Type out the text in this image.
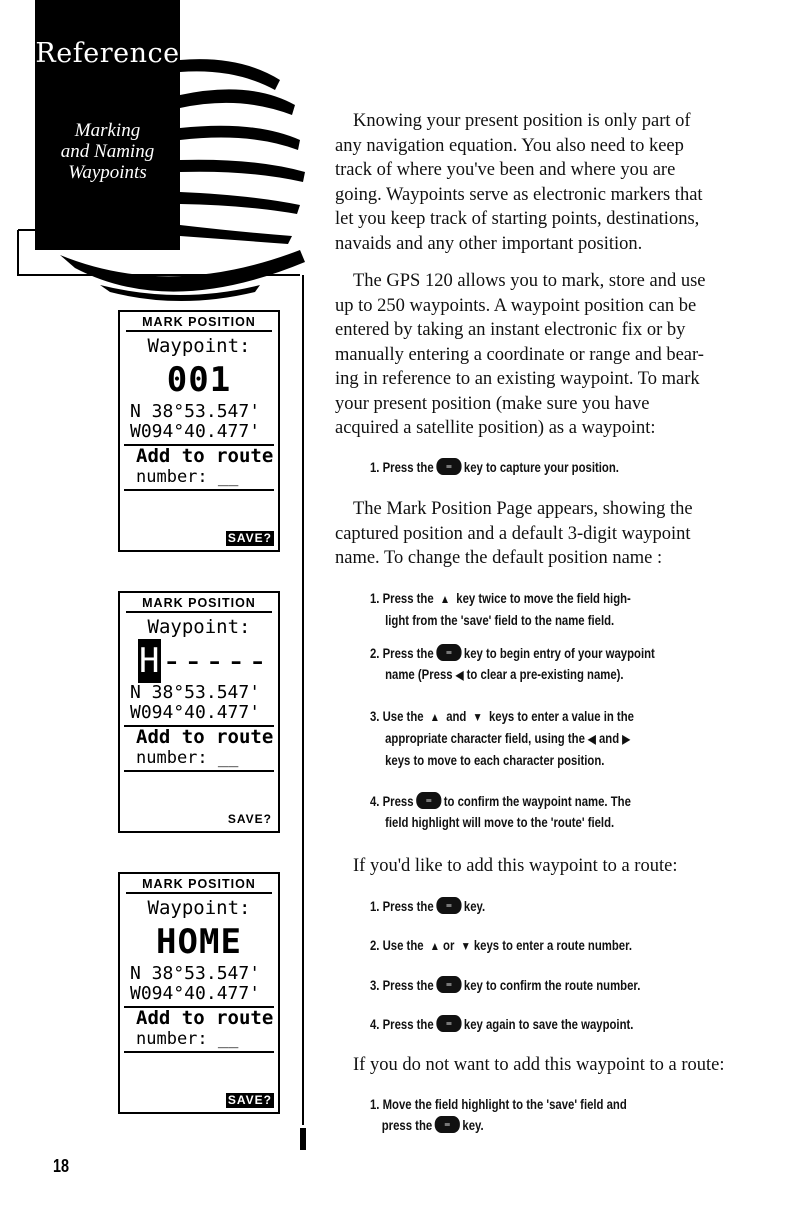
Reference
Marking
and Naming
Waypoints
MARK POSITION
Waypoint:
001
N 38°53.547'
W094°40.477'
Add to route
number: __
SAVE?
MARK POSITION
Waypoint:
H-----
N 38°53.547'
W094°40.477'
Add to route
number: __
SAVE?
MARK POSITION
Waypoint:
HOME
N 38°53.547'
W094°40.477'
Add to route
number: __
SAVE?
Knowing your present position is only part of
any navigation equation. You also need to keep
track of where you've been and where you are
going. Waypoints serve as electronic markers that
let you keep track of starting points, destinations,
navaids and any other important position.
The GPS 120 allows you to mark, store and use
up to 250 waypoints. A waypoint position can be
entered by taking an instant electronic fix or by
manually entering a coordinate or range and bear-
ing in reference to an existing waypoint. To mark
your present position (make sure you have
acquired a satellite position) as a waypoint:
1. Press the key to capture your position.
The Mark Position Page appears, showing the
captured position and a default 3-digit waypoint
name. To change the default position name :
1. Press the ▲ key twice to move the field high-
light from the 'save' field to the name field.
2. Press the key to begin entry of your waypoint
name (Press ◀ to clear a pre-existing name).
3. Use the ▲ and ▼ keys to enter a value in the
appropriate character field, using the ◀ and ▶
keys to move to each character position.
4. Press to confirm the waypoint name. The
field highlight will move to the 'route' field.
If you'd like to add this waypoint to a route:
1. Press the key.
2. Use the ▲ or ▼ keys to enter a route number.
3. Press the key to confirm the route number.
4. Press the key again to save the waypoint.
If you do not want to add this waypoint to a route:
1. Move the field highlight to the 'save' field and
press the key.
18
